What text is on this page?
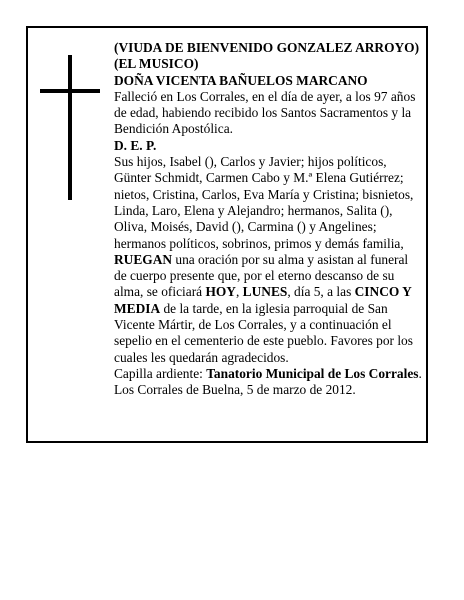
(VIUDA DE BIENVENIDO GONZALEZ ARROYO) (EL MUSICO)

DOÑA VICENTA BAÑUELOS MARCANO

Falleció en Los Corrales, en el día de ayer, a los 97 años de edad, habiendo recibido los Santos Sacramentos y la Bendición Apostólica.

D. E. P.

Sus hijos, Isabel (), Carlos y Javier; hijos políticos, Günter Schmidt, Carmen Cabo y M.ª Elena Gutiérrez; nietos, Cristina, Carlos, Eva María y Cristina; bisnietos, Linda, Laro, Elena y Alejandro; hermanos, Salita (), Oliva, Moisés, David (), Carmina () y Angelines; hermanos políticos, sobrinos, primos y demás familia,
RUEGAN una oración por su alma y asistan al funeral de cuerpo presente que, por el eterno descanso de su alma, se oficiará HOY, LUNES, día 5, a las CINCO Y MEDIA de la tarde, en la iglesia parroquial de San Vicente Mártir, de Los Corrales, y a continuación el sepelio en el cementerio de este pueblo. Favores por los cuales les quedarán agradecidos.

Capilla ardiente: Tanatorio Municipal de Los Corrales.

Los Corrales de Buelna, 5 de marzo de 2012.
